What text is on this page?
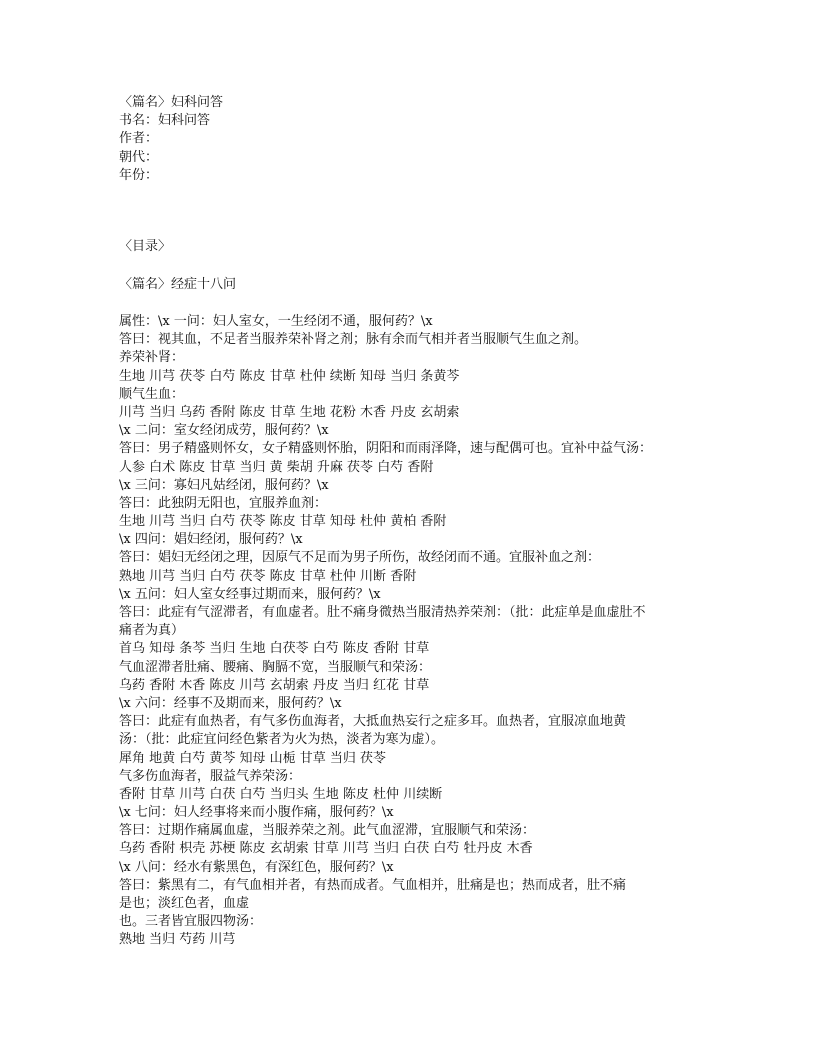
〈篇名〉妇科问答
书名：妇科问答
作者：
朝代：
年份：
〈目录〉
〈篇名〉经症十八问
属性：\x 一问：妇人室女，一生经闭不通，服何药？\x
答曰：视其血，不足者当服养荣补肾之剂；脉有余而气相并者当服顺气生血之剂。
养荣补肾：
生地 川芎 茯苓 白芍 陈皮 甘草 杜仲 续断 知母 当归 条黄芩
顺气生血：
川芎 当归 乌药 香附 陈皮 甘草 生地 花粉 木香 丹皮 玄胡索
\x 二问：室女经闭成劳，服何药？\x
答曰：男子精盛则怀女，女子精盛则怀胎，阴阳和而雨泽降，速与配偶可也。宜补中益气汤：
人参 白术 陈皮 甘草 当归 黄 柴胡 升麻 茯苓 白芍 香附
\x 三问：寡妇凡姑经闭，服何药？\x
答曰：此独阴无阳也，宜服养血剂：
生地 川芎 当归 白芍 茯苓 陈皮 甘草 知母 杜仲 黄柏 香附
\x 四问：娼妇经闭，服何药？\x
答曰：娼妇无经闭之理，因原气不足而为男子所伤，故经闭而不通。宜服补血之剂：
熟地 川芎 当归 白芍 茯苓 陈皮 甘草 杜仲 川断 香附
\x 五问：妇人室女经事过期而来，服何药？\x
答曰：此症有气涩滞者，有血虚者。肚不痛身微热当服清热养荣剂：（批：此症单是血虚肚不
痛者为真）
首乌 知母 条芩 当归 生地 白茯苓 白芍 陈皮 香附 甘草
气血涩滞者肚痛、腰痛、胸膈不宽，当服顺气和荣汤：
乌药 香附 木香 陈皮 川芎 玄胡索 丹皮 当归 红花 甘草
\x 六问：经事不及期而来，服何药？\x
答曰：此症有血热者，有气多伤血海者，大抵血热妄行之症多耳。血热者，宜服凉血地黄
汤：（批：此症宜问经色紫者为火为热，淡者为寒为虚）。
犀角 地黄 白芍 黄芩 知母 山栀 甘草 当归 茯苓
气多伤血海者，服益气养荣汤：
香附 甘草 川芎 白茯 白芍 当归头 生地 陈皮 杜仲 川续断
\x 七问：妇人经事将来而小腹作痛，服何药？\x
答曰：过期作痛属血虚，当服养荣之剂。此气血涩滞，宜服顺气和荣汤：
乌药 香附 枳壳 苏梗 陈皮 玄胡索 甘草 川芎 当归 白茯 白芍 牡丹皮 木香
\x 八问：经水有紫黑色，有深红色，服何药？\x
答曰：紫黑有二，有气血相并者，有热而成者。气血相并，肚痛是也；热而成者，肚不痛
是也；淡红色者，血虚
也。三者皆宜服四物汤：
熟地 当归 芍药 川芎
